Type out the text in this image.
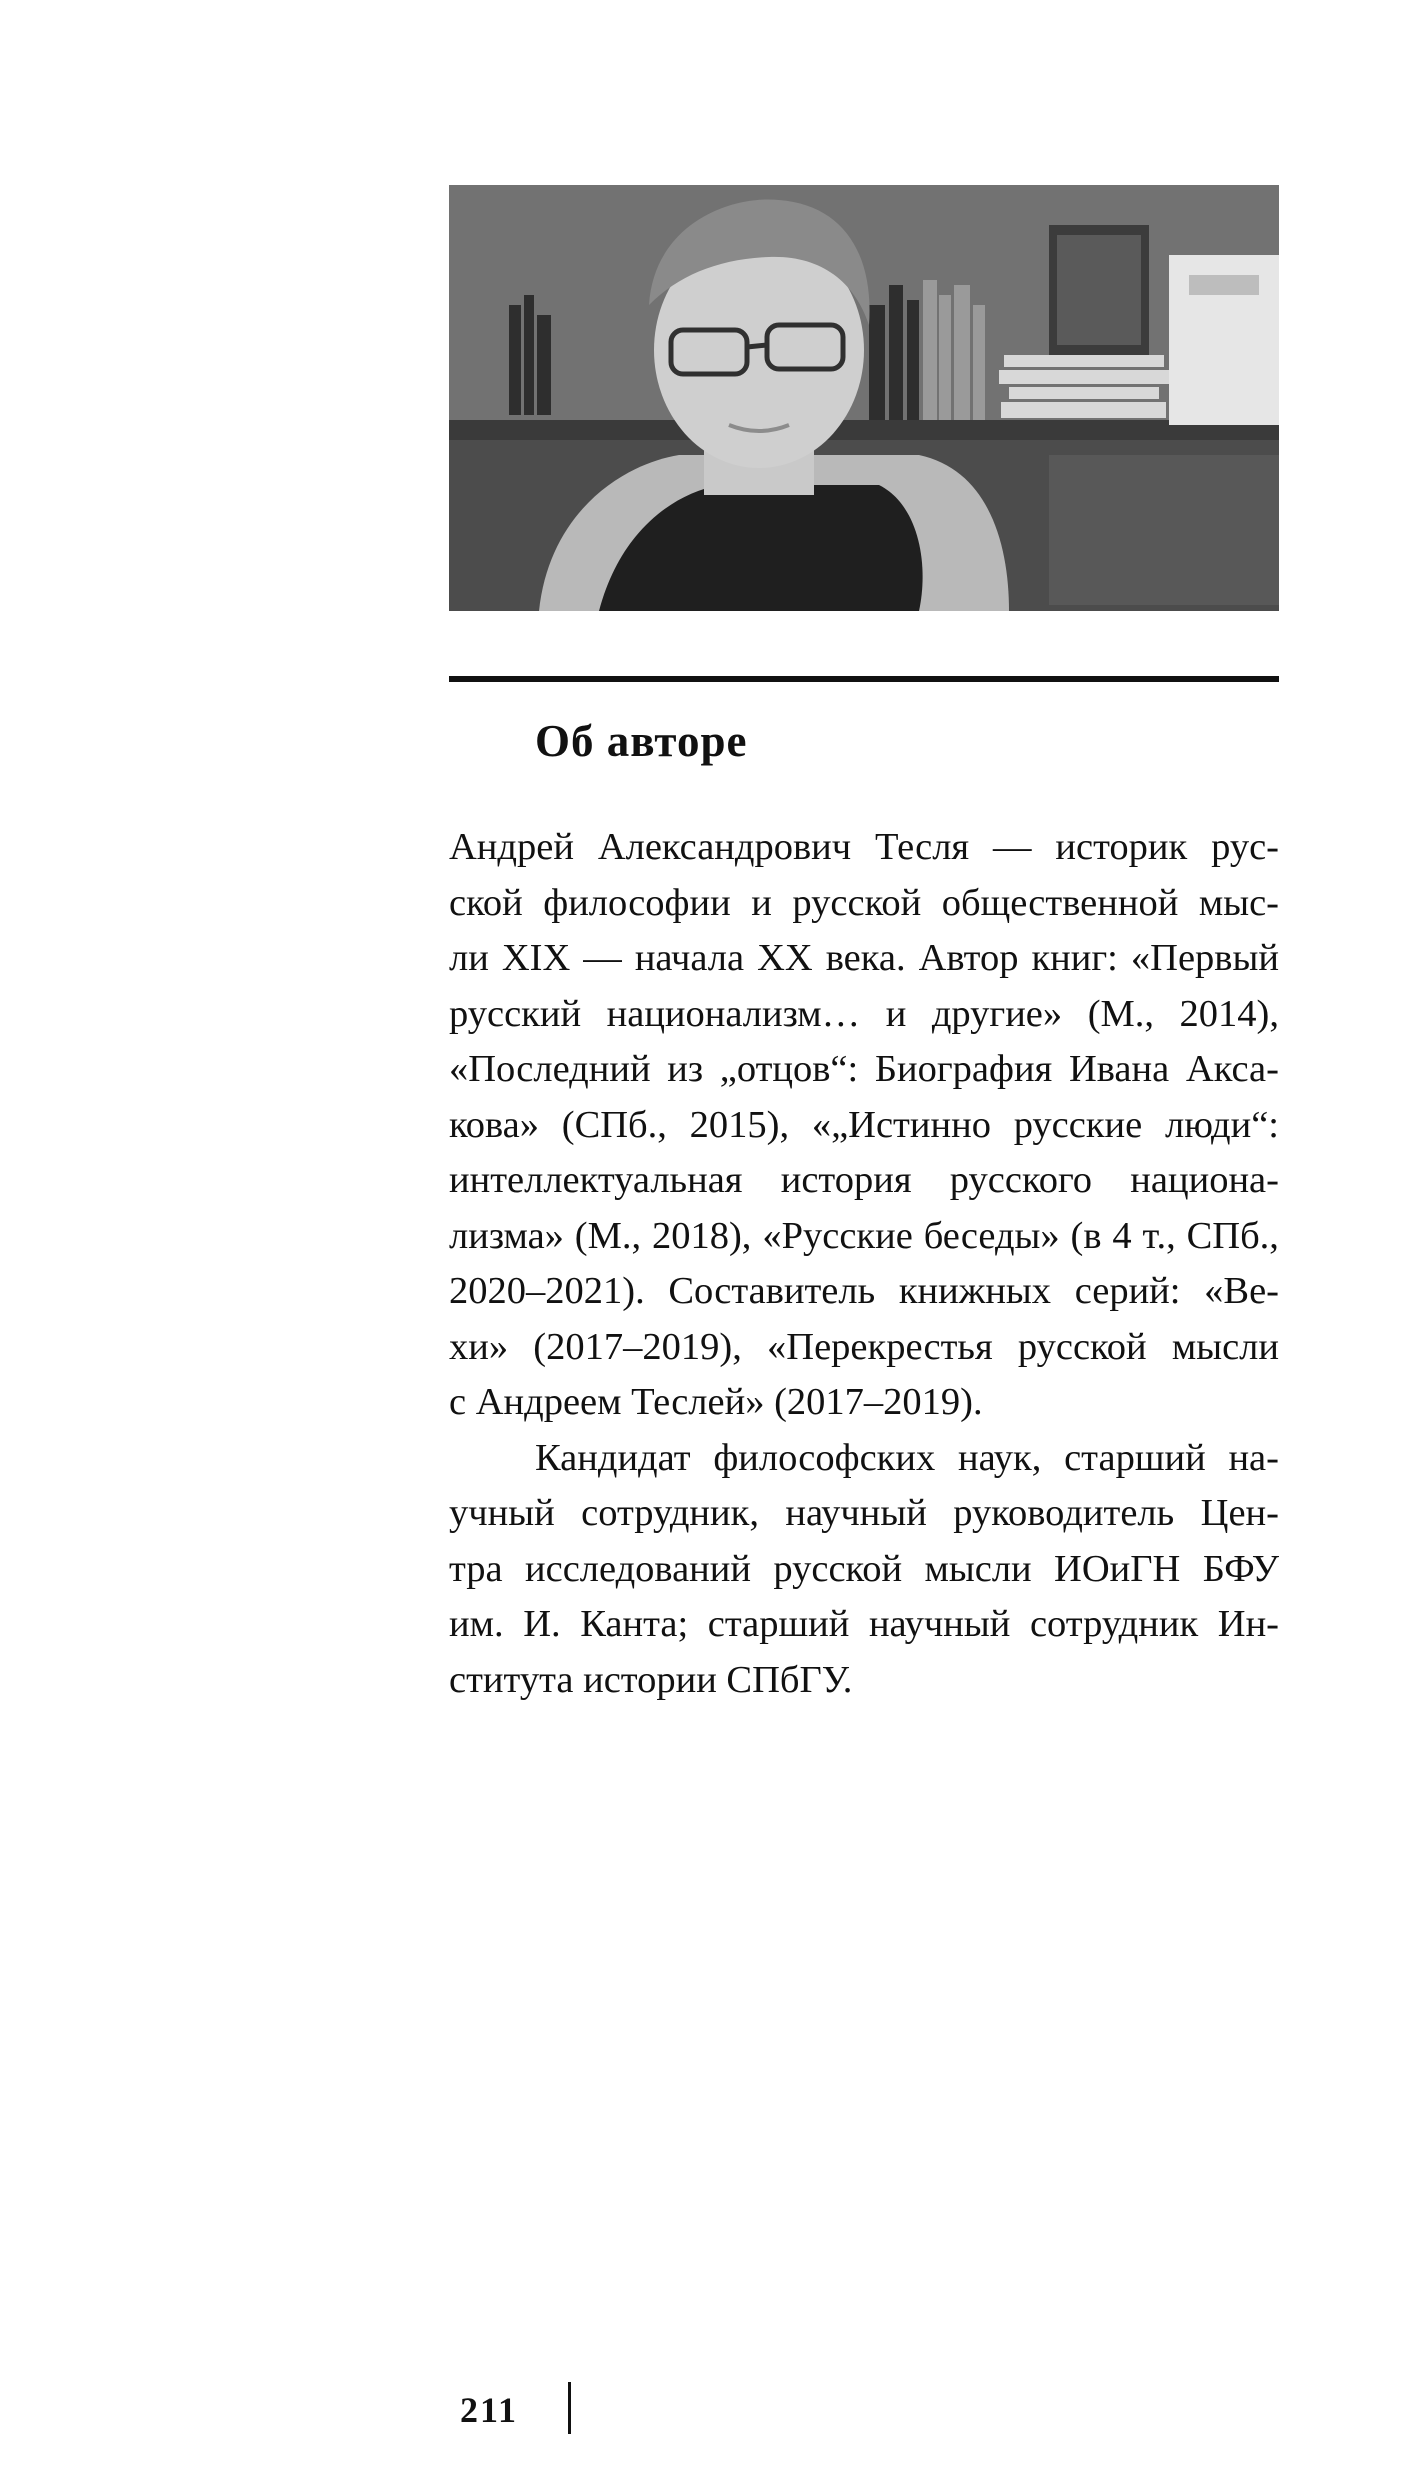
Об авторе
Андрей Александрович Тесля — историк рус-
ской философии и русской общественной мыс-
ли XIX — начала XX века. Автор книг: «Первый
русский национализм… и другие» (М., 2014),
«Последний из „отцов“: Биография Ивана Акса-
кова» (СПб., 2015), «„Истинно русские люди“:
интеллектуальная история русского национа-
лизма» (М., 2018), «Русские беседы» (в 4 т., СПб.,
2020–2021). Составитель книжных серий: «Ве-
хи» (2017–2019), «Перекрестья русской мысли
с Андреем Теслей» (2017–2019).
Кандидат философских наук, старший на-
учный сотрудник, научный руководитель Цен-
тра исследований русской мысли ИОиГН БФУ
им. И. Канта; старший научный сотрудник Ин-
ститута истории СПбГУ.
211
